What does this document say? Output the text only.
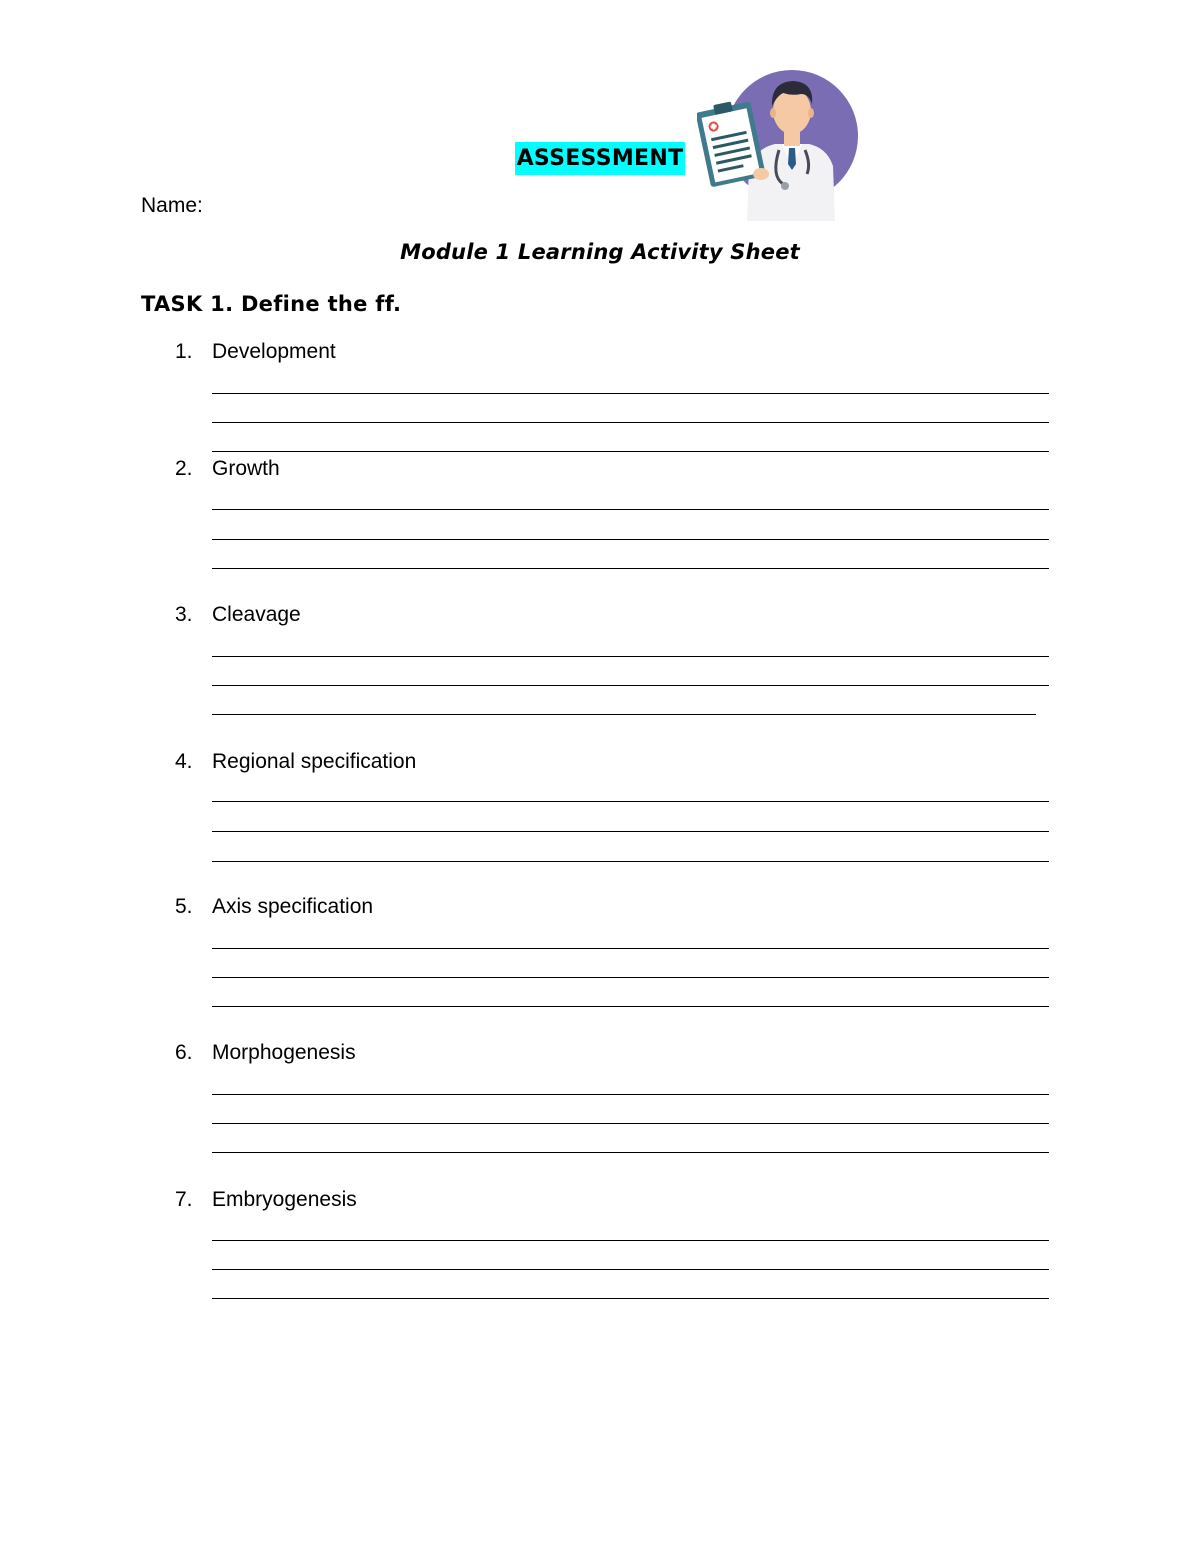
ASSESSMENT
Name:
Module 1 Learning Activity Sheet
TASK 1. Define the ff.
1. Development
2. Growth
3. Cleavage
4. Regional specification
5. Axis specification
6. Morphogenesis
7. Embryogenesis
